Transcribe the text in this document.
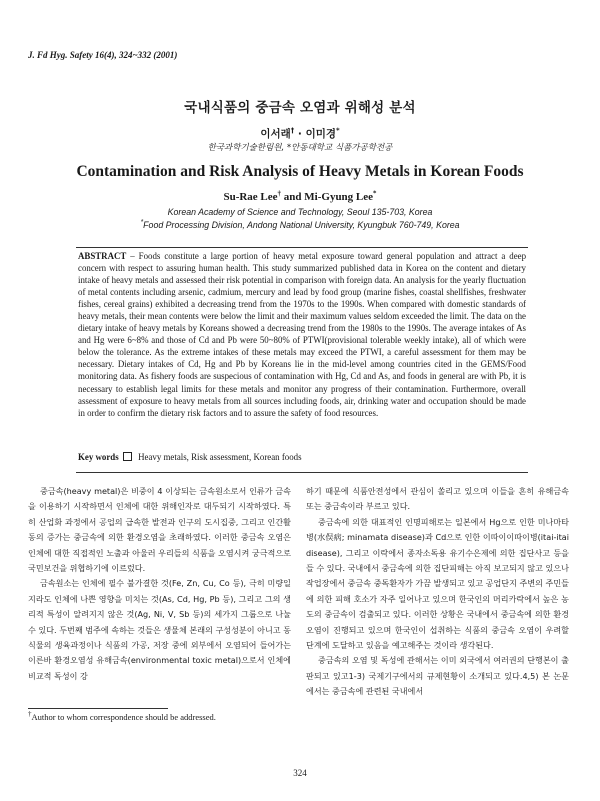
J. Fd Hyg. Safety 16(4), 324~332 (2001)
국내식품의 중금속 오염과 위해성 분석
이서래† · 이미경*
한국과학기술한림원, *안동대학교 식품가공학전공
Contamination and Risk Analysis of Heavy Metals in Korean Foods
Su-Rae Lee† and Mi-Gyung Lee*
Korean Academy of Science and Technology, Seoul 135-703, Korea
*Food Processing Division, Andong National University, Kyungbuk 760-749, Korea
ABSTRACT – Foods constitute a large portion of heavy metal exposure toward general population and attract a deep concern with respect to assuring human health. This study summarized published data in Korea on the content and dietary intake of heavy metals and assessed their risk potential in comparison with foreign data. An analysis for the yearly fluctuation of metal contents including arsenic, cadmium, mercury and lead by food group (marine fishes, coastal shellfishes, freshwater fishes, cereal grains) exhibited a decreasing trend from the 1970s to the 1990s. When compared with domestic standards of heavy metals, their mean contents were below the limit and their maximum values seldom exceeded the limit. The data on the dietary intake of heavy metals by Koreans showed a decreasing trend from the 1980s to the 1990s. The average intakes of As and Hg were 6~8% and those of Cd and Pb were 50~80% of PTWI(provisional tolerable weekly intake), all of which were below the tolerance. As the extreme intakes of these metals may exceed the PTWI, a careful assessment for them may be necessary. Dietary intakes of Cd, Hg and Pb by Koreans lie in the mid-level among countries cited in the GEMS/Food monitoring data. As fishery foods are suspecious of contamination with Hg, Cd and As, and foods in general are with Pb, it is necessary to establish legal limits for these metals and monitor any progress of their contamination. Furthermore, overall assessment of exposure to heavy metals from all sources including foods, air, drinking water and occupation should be made in order to confirm the dietary risk factors and to assure the safety of food resources.
Key words Heavy metals, Risk assessment, Korean foods

중금속(heavy metal)은 비중이 4 이상되는 금속원소로서 인류가 금속을 이용하기 시작하면서 인체에 대한 위해인자로 대두되기 시작하였다. 특히 산업화 과정에서 공업의 급속한 발전과 인구의 도시집중, 그리고 인간활동의 증가는 중금속에 의한 환경오염을 초래하였다. 이러한 중금속 오염은 인체에 대한 직접적인 노출과 아울러 우리들의 식품을 오염시켜 궁극적으로 국민보건을 위협하기에 이르렀다.

금속원소는 인체에 필수 불가결한 것(Fe, Zn, Cu, Co 등), 극히 미량일지라도 인체에 나쁜 영향을 미치는 것(As, Cd, Hg, Pb 등), 그리고 그의 생리적 특성이 알려지지 않은 것(Ag, Ni, V, Sb 등)의 세가지 그룹으로 나눌 수 있다. 두번째 범주에 속하는 것들은 생물체 본래의 구성성분이 아니고 동식물의 생육과정이나 식품의 가공, 저장 중에 외부에서 오염되어 들어가는 이른바 환경오염성 유해금속(environmental toxic metal)으로서 인체에 비교적 독성이 강

하기 때문에 식품안전성에서 관심이 쏠리고 있으며 이들을 흔히 유해금속 또는 중금속이라 부르고 있다.

중금속에 의한 대표적인 인명피해로는 일본에서 Hg으로 인한 미나마타병(水俣病; minamata disease)과 Cd으로 인한 이따이이따이병(itai-itai disease), 그리고 이락에서 종자소독용 유기수은제에 의한 집단사고 등을 들 수 있다. 국내에서 중금속에 의한 집단피해는 아직 보고되지 않고 있으나 작업장에서 중금속 중독환자가 가끔 발생되고 있고 공업단지 주변의 주민들에 의한 피해 호소가 자주 일어나고 있으며 한국인의 머리카락에서 높은 농도의 중금속이 검출되고 있다. 이러한 상황은 국내에서 중금속에 의한 환경오염이 진행되고 있으며 한국인이 섭취하는 식품의 중금속 오염이 우려할 단계에 도달하고 있음을 예고해주는 것이라 생각된다.

중금속의 오염 및 독성에 관해서는 이미 외국에서 여러권의 단행본이 출판되고 있고1-3) 국제기구에서의 규제현황이 소개되고 있다.4,5) 본 논문에서는 중금속에 관련된 국내에서

†Author to whom correspondence should be addressed.
324
